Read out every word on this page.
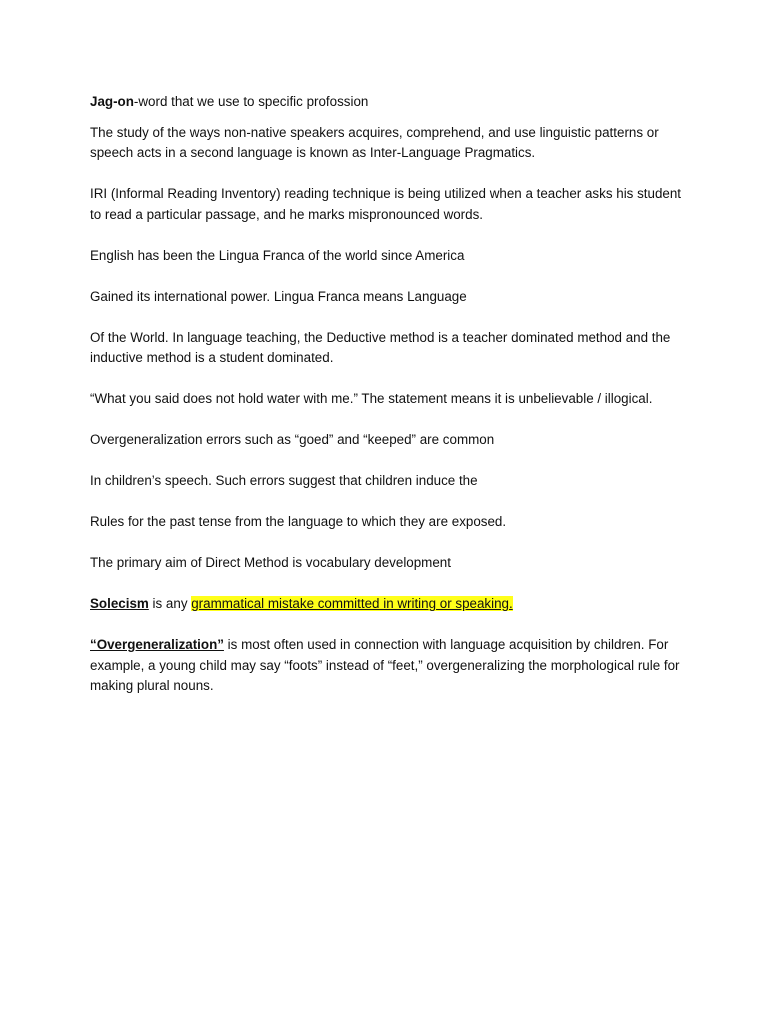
Jag-on-word that we use to specific profossion

The study of the ways non-native speakers acquires, comprehend, and use linguistic patterns or speech acts in a second language is known as Inter-Language Pragmatics.

IRI (Informal Reading Inventory) reading technique is being utilized when a teacher asks his student to read a particular passage, and he marks mispronounced words.

English has been the Lingua Franca of the world since America

Gained its international power. Lingua Franca means Language

Of the World. In language teaching, the Deductive method is a teacher dominated method and the inductive method is a student dominated.

“What you said does not hold water with me.” The statement means it is unbelievable / illogical.

Overgeneralization errors such as “goed” and “keeped” are common

In children’s speech. Such errors suggest that children induce the

Rules for the past tense from the language to which they are exposed.

The primary aim of Direct Method is vocabulary development

Solecism is any grammatical mistake committed in writing or speaking.

“Overgeneralization” is most often used in connection with language acquisition by children. For example, a young child may say “foots” instead of “feet,” overgeneralizing the morphological rule for making plural nouns.
